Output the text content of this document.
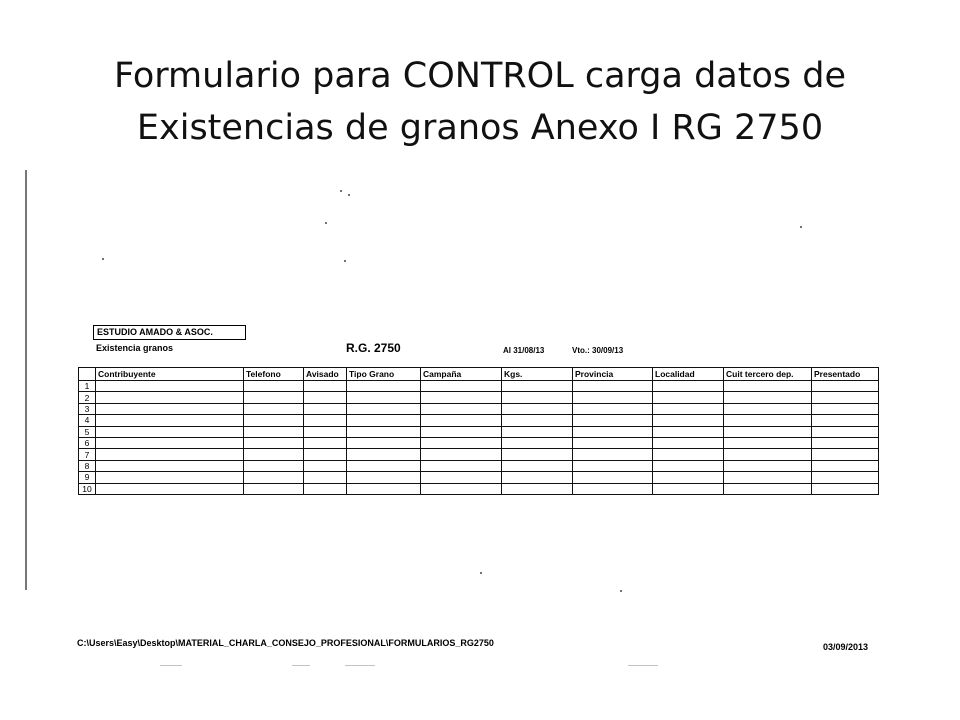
Formulario para CONTROL carga datos de
Existencias de granos Anexo I RG 2750
ESTUDIO AMADO & ASOC.
Existencia granos	R.G. 2750	Al 31/08/13	Vto.: 30/09/13
	Contribuyente	Telefono	Avisado	Tipo Grano	Campaña	Kgs.	Provincia	Localidad	Cuit tercero dep.	Presentado
1										
2										
3										
4										
5										
6										
7										
8										
9										
10										
C:\Users\Easy\Desktop\MATERIAL_CHARLA_CONSEJO_PROFESIONAL\FORMULARIOS_RG2750	03/09/2013
